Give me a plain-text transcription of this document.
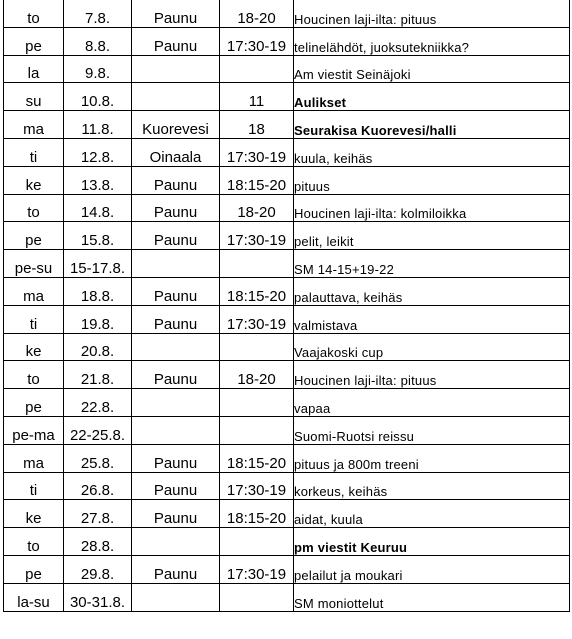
to	7.8.	Paunu	18-20	Houcinen laji-ilta: pituus
pe	8.8.	Paunu	17:30-19	telinelähdöt, juoksutekniikka?
la	9.8.			Am viestit Seinäjoki
su	10.8.		11	Aulikset
ma	11.8.	Kuorevesi	18	Seurakisa Kuorevesi/halli
ti	12.8.	Oinaala	17:30-19	kuula, keihäs
ke	13.8.	Paunu	18:15-20	pituus
to	14.8.	Paunu	18-20	Houcinen laji-ilta: kolmiloikka
pe	15.8.	Paunu	17:30-19	pelit, leikit
pe-su	15-17.8.			SM 14-15+19-22
ma	18.8.	Paunu	18:15-20	palauttava, keihäs
ti	19.8.	Paunu	17:30-19	valmistava
ke	20.8.			Vaajakoski cup
to	21.8.	Paunu	18-20	Houcinen laji-ilta: pituus
pe	22.8.			vapaa
pe-ma	22-25.8.			Suomi-Ruotsi reissu
ma	25.8.	Paunu	18:15-20	pituus ja 800m treeni
ti	26.8.	Paunu	17:30-19	korkeus, keihäs
ke	27.8.	Paunu	18:15-20	aidat, kuula
to	28.8.			pm viestit Keuruu
pe	29.8.	Paunu	17:30-19	pelailut ja moukari
la-su	30-31.8.			SM moniottelut
